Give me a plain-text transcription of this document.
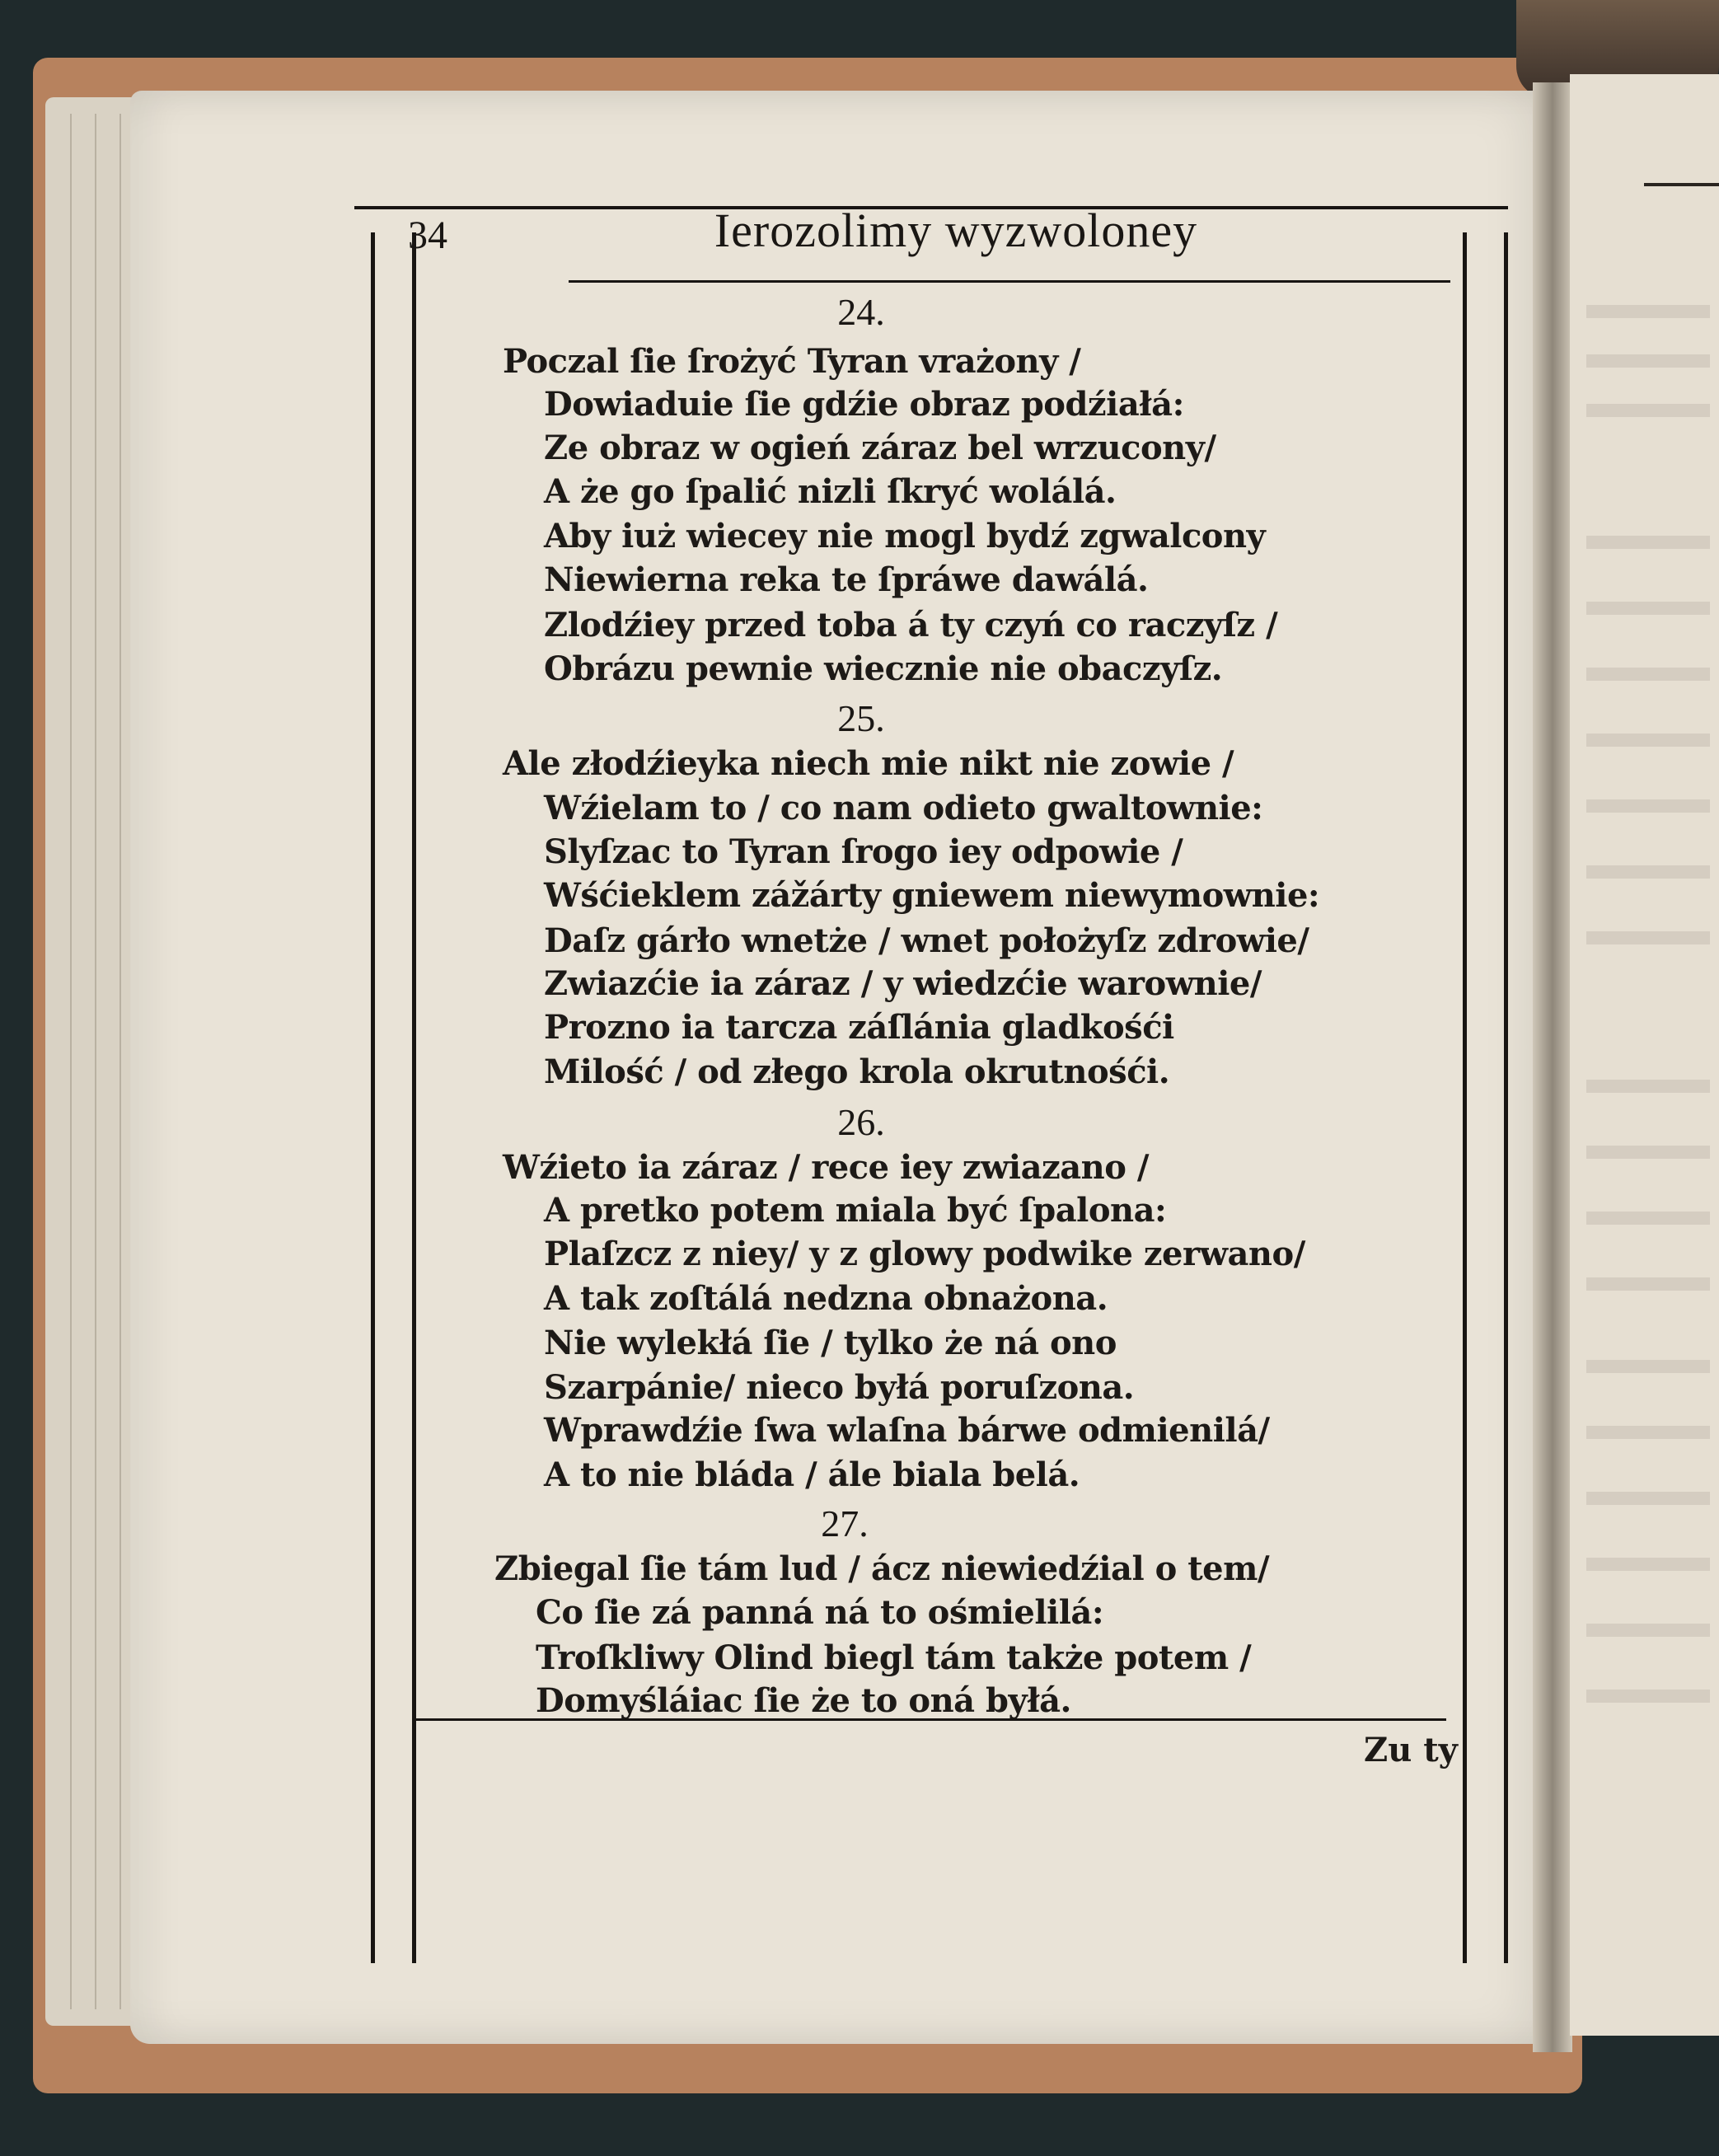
34	Ierozolimy wyzwoloney
24.
Poczal ſie ſrożyć Tyran vrażony /
Dowiaduie ſie gdźie obraz podźiałá:
Ze obraz w ogień záraz bel wrzucony/
A że go ſpalić nizli ſkryć wolálá.
Aby iuż wiecey nie mogl bydź zgwalcony
Niewierna reka te ſpráwe dawálá.
Zlodźiey przed toba á ty czyń co raczyſz /
Obrázu pewnie wiecznie nie obaczyſz.
25.
Ale złodźieyka niech mie nikt nie zowie /
Wźielam to / co nam odieto gwaltownie:
Slyſzac to Tyran ſrogo iey odpowie /
Wśćieklem zážárty gniewem niewymownie:
Daſz gárło wnetże / wnet położyſz zdrowie/
Zwiazćie ia záraz / y wiedzćie warownie/
Prozno ia tarcza záſlánia gladkośći
Milość / od złego krola okrutnośći.
26.
Wźieto ia záraz / rece iey zwiazano /
A pretko potem miala być ſpalona:
Plaſzcz z niey/ y z glowy podwike zerwano/
A tak zoſtálá nedzna obnażona.
Nie wylekłá ſie / tylko że ná ono
Szarpánie/ nieco byłá poruſzona.
Wprawdźie ſwa wlaſna bárwe odmienilá/
A to nie bláda / ále biala belá.
27.
Zbiegal ſie tám lud / ácz niewiedźial o tem/
Co ſie zá panná ná to ośmielilá:
Troſkliwy Olind biegl tám także potem /
Domyśláiac ſie że to oná byłá.
Zu ty
